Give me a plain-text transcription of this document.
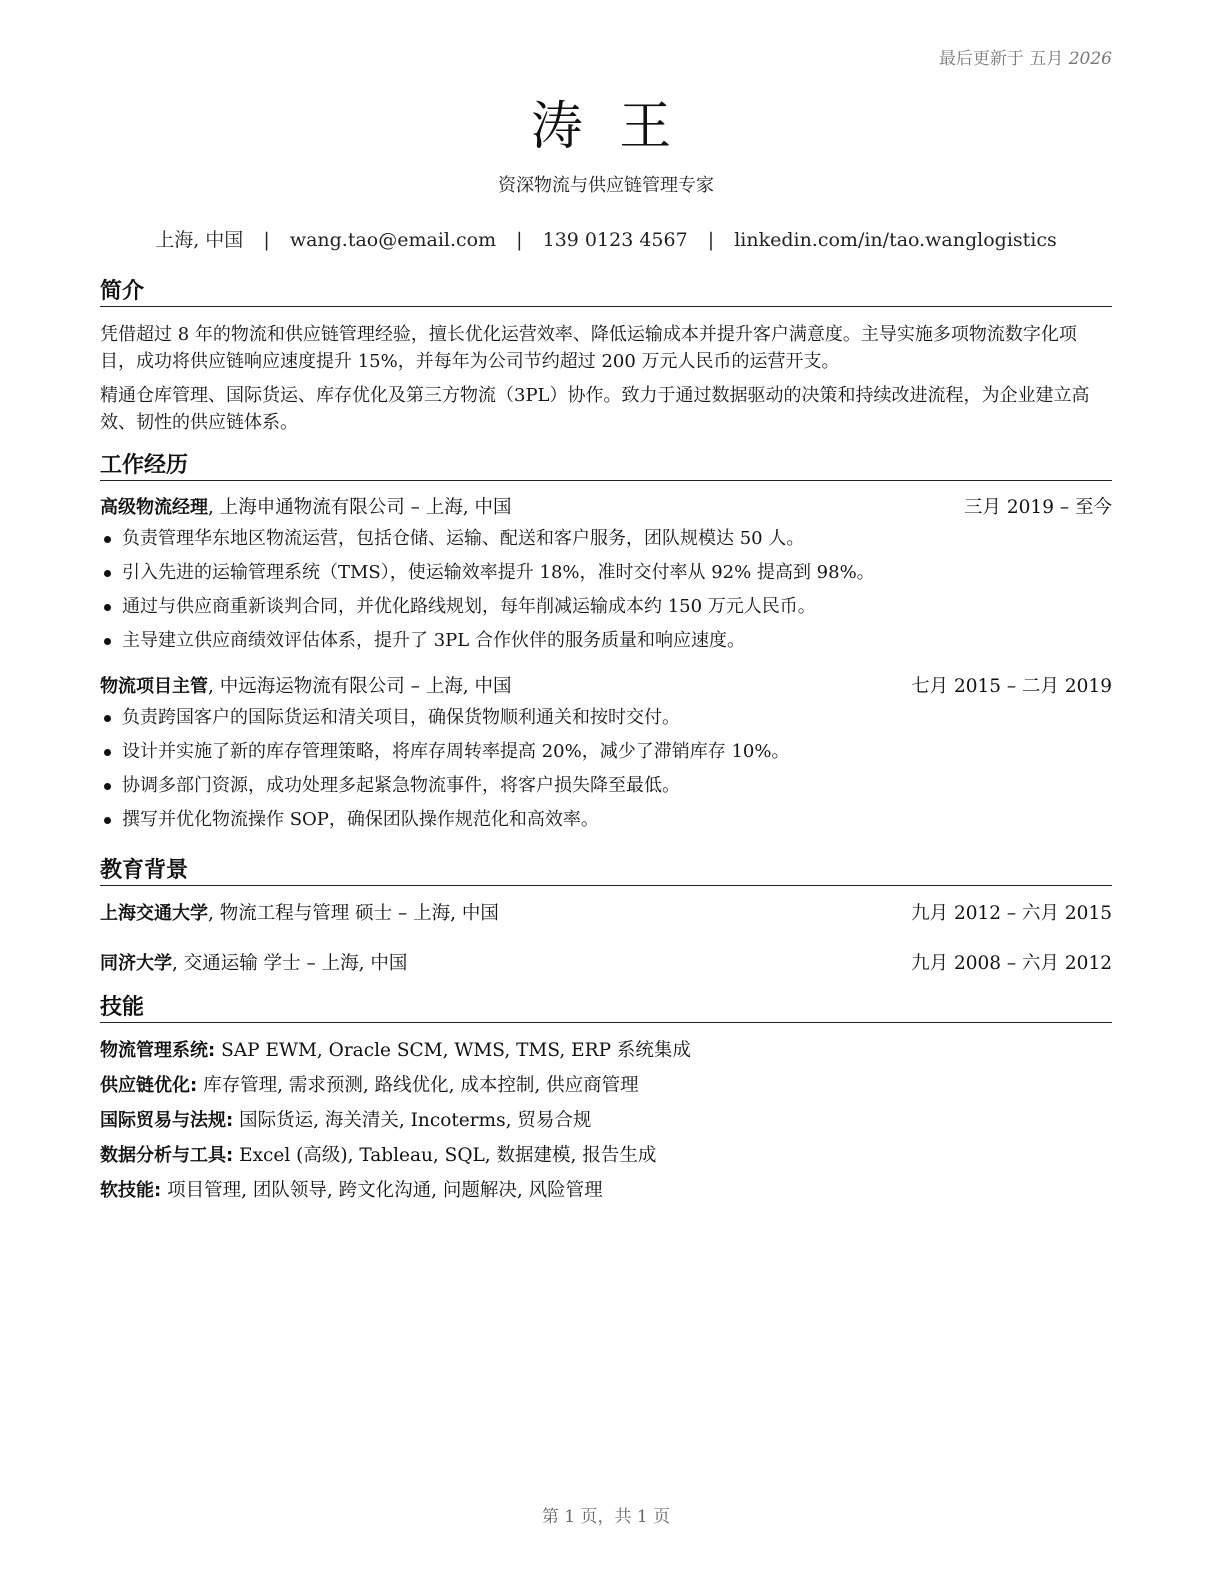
最后更新于 五月 2026
涛 王
资深物流与供应链管理专家
上海, 中国 | wang.tao@email.com | 139 0123 4567 | linkedin.com/in/tao.wanglogistics
简介

凭借超过 8 年的物流和供应链管理经验，擅长优化运营效率、降低运输成本并提升客户满意度。主导实施多项物流数字化项目，成功将供应链响应速度提升 15%，并每年为公司节约超过 200 万元人民币的运营开支。

精通仓库管理、国际货运、库存优化及第三方物流（3PL）协作。致力于通过数据驱动的决策和持续改进流程，为企业建立高效、韧性的供应链体系。

工作经历
高级物流经理, 上海申通物流有限公司 – 上海, 中国	三月 2019 – 至今
负责管理华东地区物流运营，包括仓储、运输、配送和客户服务，团队规模达 50 人。
引入先进的运输管理系统（TMS），使运输效率提升 18%，准时交付率从 92% 提高到 98%。
通过与供应商重新谈判合同，并优化路线规划，每年削减运输成本约 150 万元人民币。
主导建立供应商绩效评估体系，提升了 3PL 合作伙伴的服务质量和响应速度。
物流项目主管, 中远海运物流有限公司 – 上海, 中国	七月 2015 – 二月 2019
负责跨国客户的国际货运和清关项目，确保货物顺利通关和按时交付。
设计并实施了新的库存管理策略，将库存周转率提高 20%，减少了滞销库存 10%。
协调多部门资源，成功处理多起紧急物流事件，将客户损失降至最低。
撰写并优化物流操作 SOP，确保团队操作规范化和高效率。
教育背景
上海交通大学, 物流工程与管理 硕士 – 上海, 中国	九月 2012 – 六月 2015
同济大学, 交通运输 学士 – 上海, 中国	九月 2008 – 六月 2012
技能
物流管理系统: SAP EWM, Oracle SCM, WMS, TMS, ERP 系统集成
供应链优化: 库存管理, 需求预测, 路线优化, 成本控制, 供应商管理
国际贸易与法规: 国际货运, 海关清关, Incoterms, 贸易合规
数据分析与工具: Excel (高级), Tableau, SQL, 数据建模, 报告生成
软技能: 项目管理, 团队领导, 跨文化沟通, 问题解决, 风险管理
第 1 页，共 1 页
